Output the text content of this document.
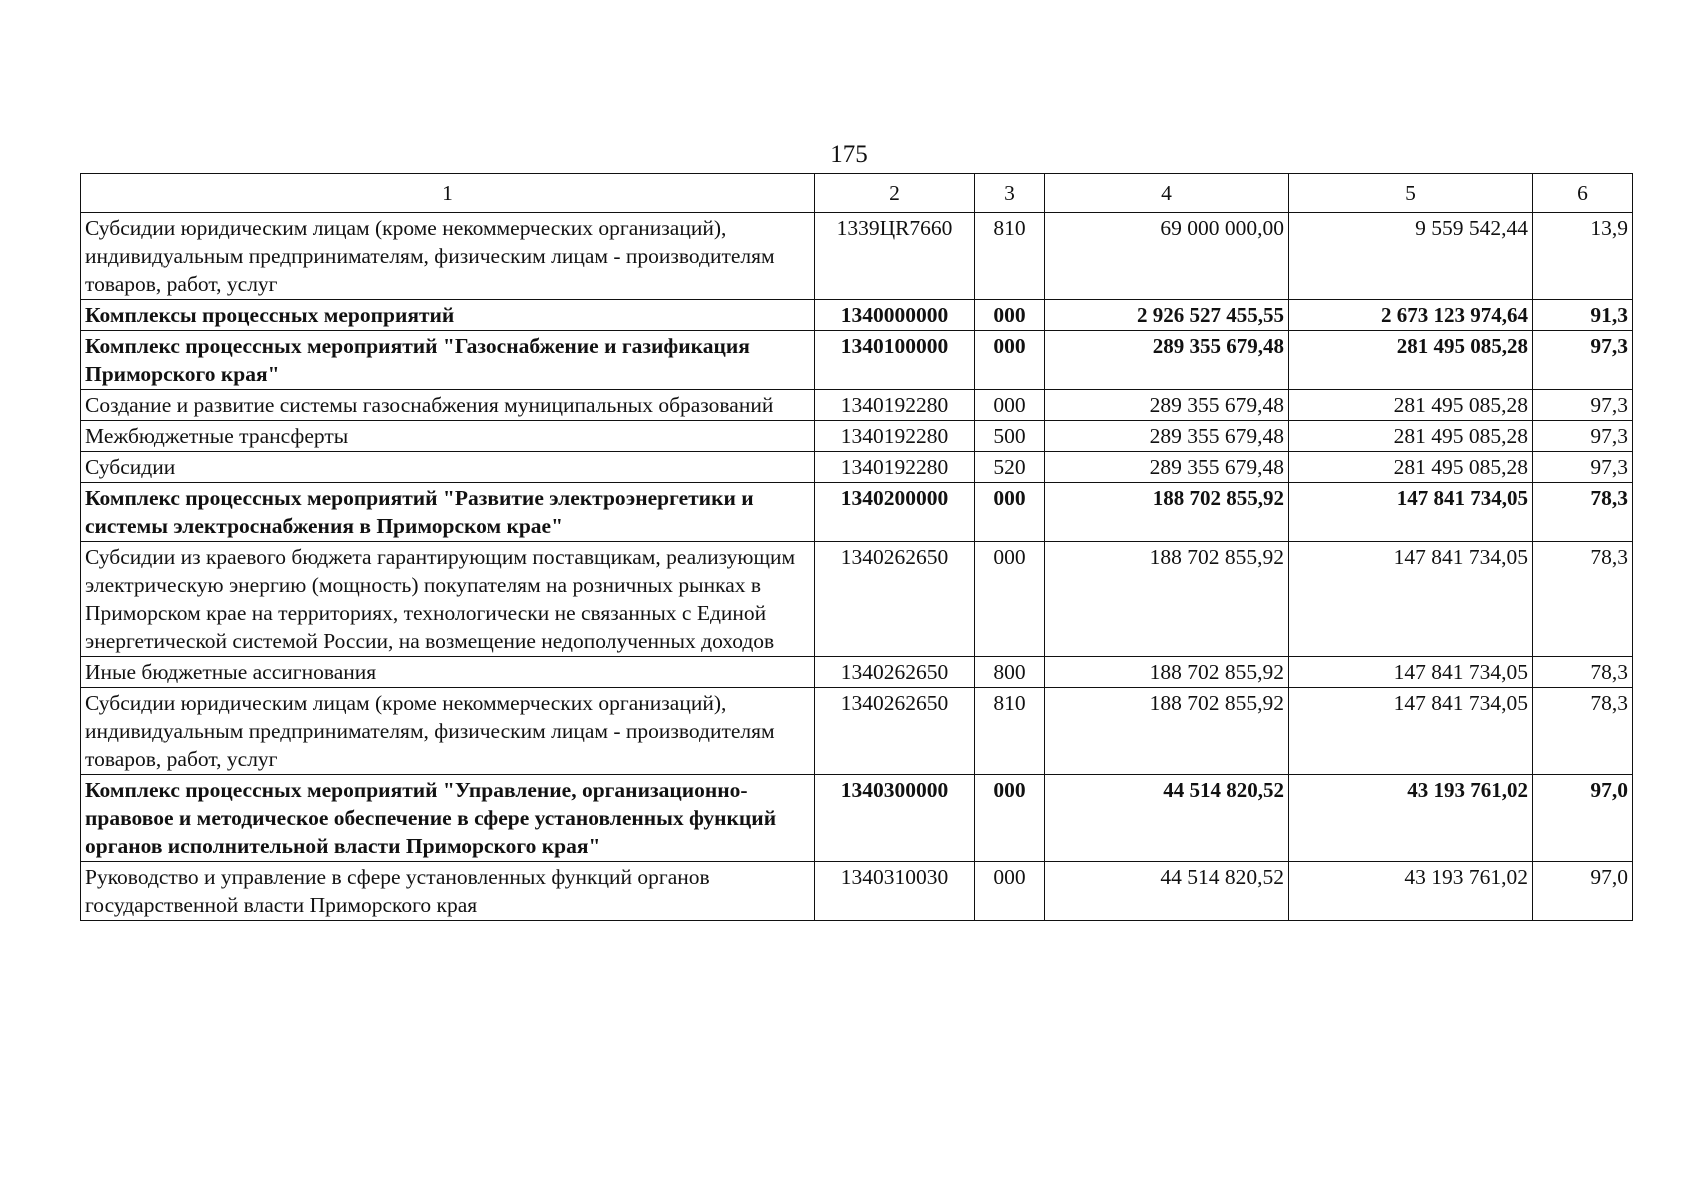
175
1	2	3	4	5	6
Субсидии юридическим лицам (кроме некоммерческих организаций), индивидуальным предпринимателям, физическим лицам - производителям товаров, работ, услуг	1339ЦR7660	810	69 000 000,00	9 559 542,44	13,9
Комплексы процессных мероприятий	1340000000	000	2 926 527 455,55	2 673 123 974,64	91,3
Комплекс процессных мероприятий "Газоснабжение и газификация Приморского края"	1340100000	000	289 355 679,48	281 495 085,28	97,3
Создание и развитие системы газоснабжения муниципальных образований	1340192280	000	289 355 679,48	281 495 085,28	97,3
Межбюджетные трансферты	1340192280	500	289 355 679,48	281 495 085,28	97,3
Субсидии	1340192280	520	289 355 679,48	281 495 085,28	97,3
Комплекс процессных мероприятий "Развитие электроэнергетики и системы электроснабжения в Приморском крае"	1340200000	000	188 702 855,92	147 841 734,05	78,3
Субсидии из краевого бюджета гарантирующим поставщикам, реализующим электрическую энергию (мощность) покупателям на розничных рынках в Приморском крае на территориях, технологически не связанных с Единой энергетической системой России, на возмещение недополученных доходов	1340262650	000	188 702 855,92	147 841 734,05	78,3
Иные бюджетные ассигнования	1340262650	800	188 702 855,92	147 841 734,05	78,3
Субсидии юридическим лицам (кроме некоммерческих организаций), индивидуальным предпринимателям, физическим лицам - производителям товаров, работ, услуг	1340262650	810	188 702 855,92	147 841 734,05	78,3
Комплекс процессных мероприятий "Управление, организационно-правовое и методическое обеспечение в сфере установленных функций органов исполнительной власти Приморского края"	1340300000	000	44 514 820,52	43 193 761,02	97,0
Руководство и управление в сфере установленных функций органов государственной власти Приморского края	1340310030	000	44 514 820,52	43 193 761,02	97,0
